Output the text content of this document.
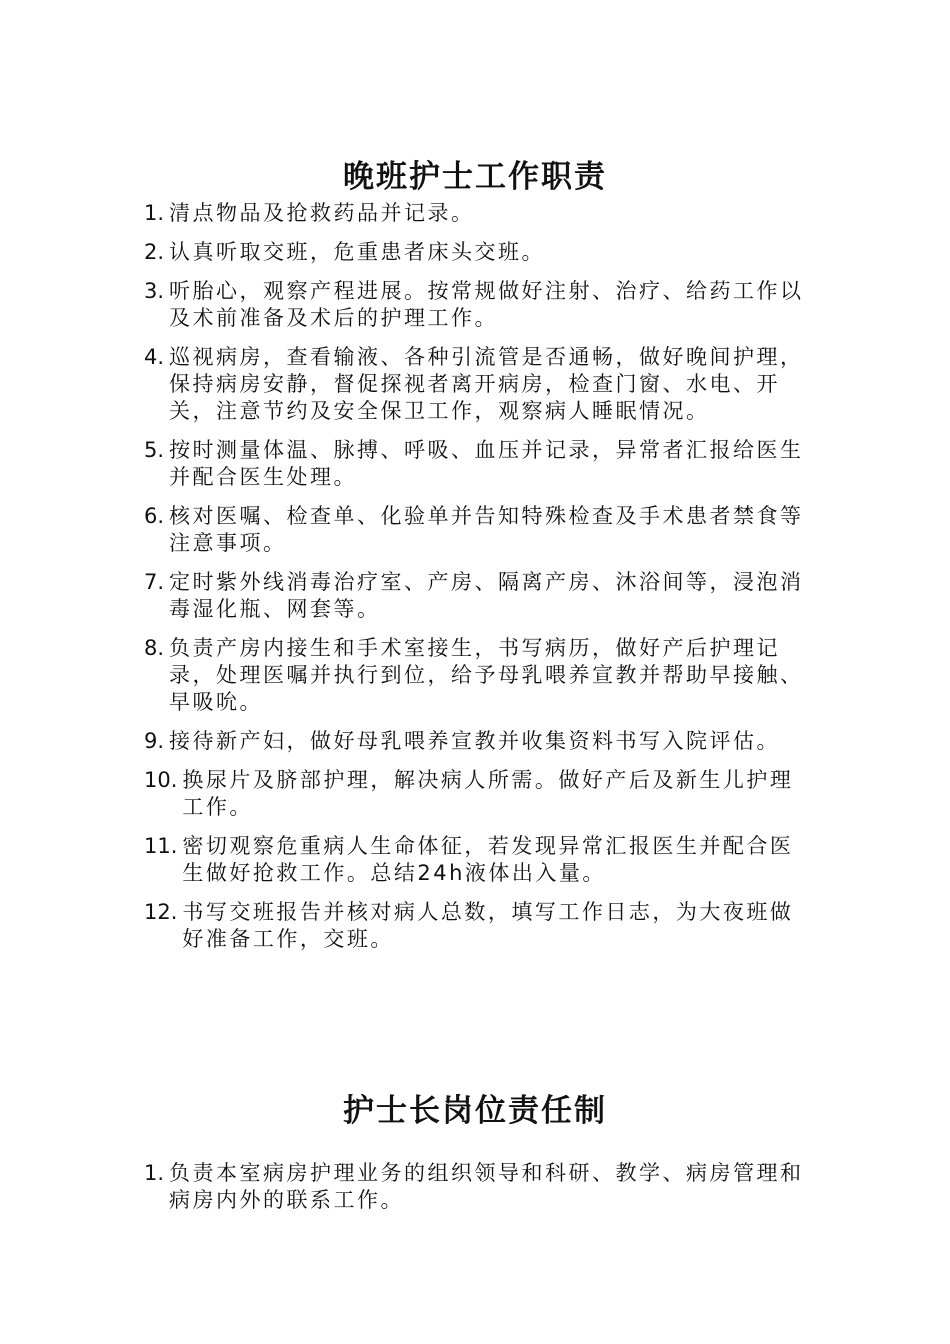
晚班护士工作职责
1. 清点物品及抢救药品并记录。
2. 认真听取交班，危重患者床头交班。
3. 听胎心，观察产程进展。按常规做好注射、治疗、给药工作以及术前准备及术后的护理工作。
4. 巡视病房，查看输液、各种引流管是否通畅，做好晚间护理，保持病房安静，督促探视者离开病房，检查门窗、水电、开关，注意节约及安全保卫工作，观察病人睡眠情况。
5. 按时测量体温、脉搏、呼吸、血压并记录，异常者汇报给医生并配合医生处理。
6. 核对医嘱、检查单、化验单并告知特殊检查及手术患者禁食等注意事项。
7. 定时紫外线消毒治疗室、产房、隔离产房、沐浴间等，浸泡消毒湿化瓶、网套等。
8. 负责产房内接生和手术室接生，书写病历，做好产后护理记录，处理医嘱并执行到位，给予母乳喂养宣教并帮助早接触、早吸吮。
9. 接待新产妇，做好母乳喂养宣教并收集资料书写入院评估。
10. 换尿片及脐部护理，解决病人所需。做好产后及新生儿护理工作。
11. 密切观察危重病人生命体征，若发现异常汇报医生并配合医生做好抢救工作。总结24h液体出入量。
12. 书写交班报告并核对病人总数，填写工作日志，为大夜班做好准备工作，交班。
护士长岗位责任制
1. 负责本室病房护理业务的组织领导和科研、教学、病房管理和病房内外的联系工作。
